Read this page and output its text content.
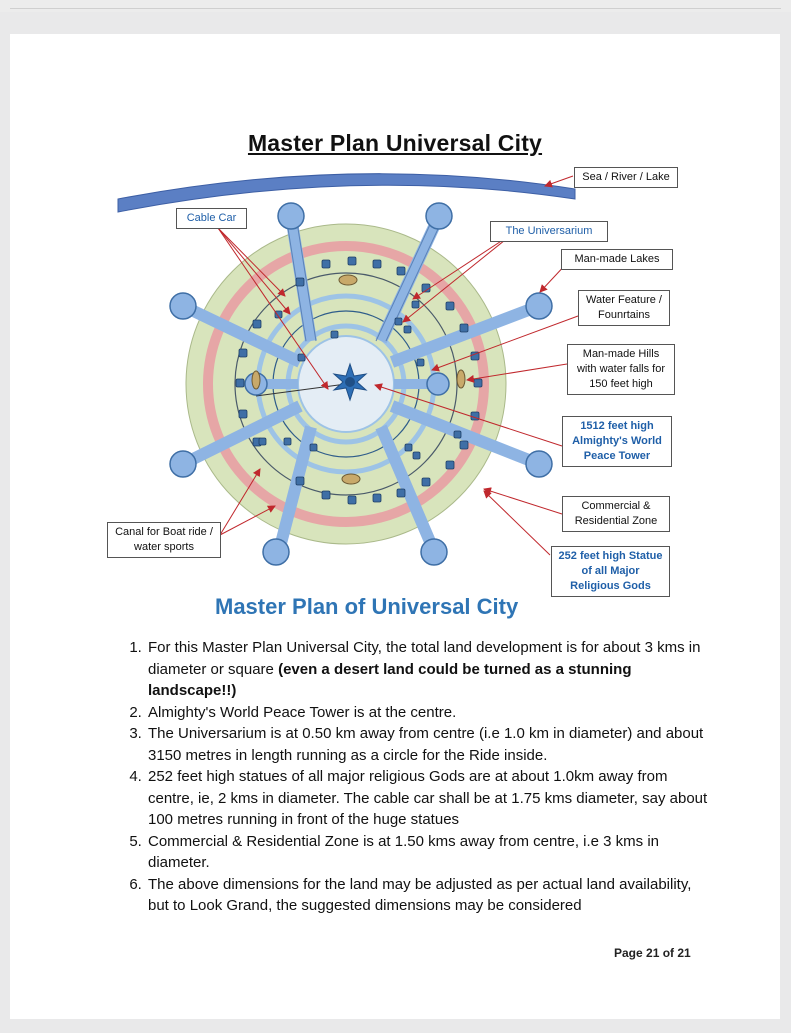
Master Plan Universal City
Sea / River / Lake
Cable Car
The Universarium
Man-made Lakes
Water Feature /
Founrtains
Man-made Hills
with water falls for
150 feet high
1512 feet high
Almighty's World
Peace Tower
Commercial &
Residential Zone
Canal for Boat ride /
water sports
252 feet high Statue
of all Major
Religious Gods
Master Plan of Universal City
1. For this Master Plan Universal City, the total land development is for about 3 kms in diameter or square (even a desert land could be turned as a stunning landscape!!)
2. Almighty's World Peace Tower is at the centre.
3. The Universarium is at 0.50 km away from centre (i.e 1.0 km in diameter) and about 3150 metres in length running as a circle for the Ride inside.
4. 252 feet high statues of all major religious Gods are at about 1.0km away from centre, ie, 2 kms in diameter. The cable car shall be at 1.75 kms diameter, say about 100 metres running in front of the huge statues
5. Commercial & Residential Zone is at 1.50 kms away from centre, i.e 3 kms in diameter.
6. The above dimensions for the land may be adjusted as per actual land availability, but to Look Grand, the suggested dimensions may be considered
Page 21 of 21
